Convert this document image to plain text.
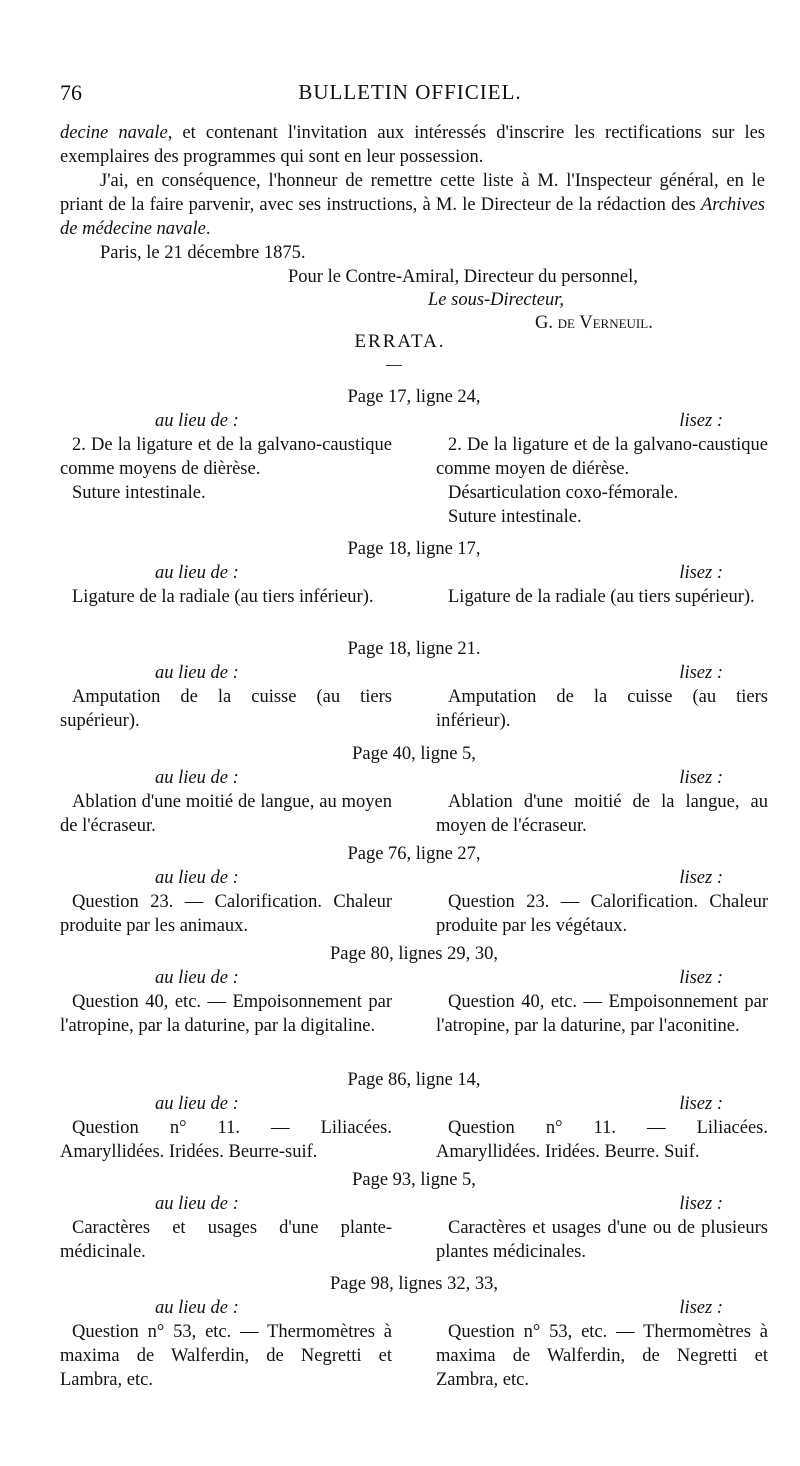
76	BULLETIN OFFICIEL.

decine navale, et contenant l'invitation aux intéressés d'inscrire les rectifications sur les exemplaires des programmes qui sont en leur possession.

J'ai, en conséquence, l'honneur de remettre cette liste à M. l'Inspecteur général, en le priant de la faire parvenir, avec ses instructions, à M. le Directeur de la rédaction des Archives de médecine navale.

Paris, le 21 décembre 1875.

Pour le Contre-Amiral, Directeur du personnel,
Le sous-Directeur,
G. de Verneuil.
ERRATA.
Page 17, ligne 24,

au lieu de :

2. De la ligature et de la galvano-caustique comme moyens de dièrèse.

Suture intestinale.

lisez :

2. De la ligature et de la galvano-caustique comme moyen de diérèse.

Désarticulation coxo-fémorale.

Suture intestinale.

Page 18, ligne 17,

au lieu de :

Ligature de la radiale (au tiers inférieur).

lisez :

Ligature de la radiale (au tiers supérieur).

Page 18, ligne 21.

au lieu de :

Amputation de la cuisse (au tiers supérieur).

lisez :

Amputation de la cuisse (au tiers inférieur).

Page 40, ligne 5,

au lieu de :

Ablation d'une moitié de langue, au moyen de l'écraseur.

lisez :

Ablation d'une moitié de la langue, au moyen de l'écraseur.

Page 76, ligne 27,

au lieu de :

Question 23. — Calorification. Chaleur produite par les animaux.

lisez :

Question 23. — Calorification. Chaleur produite par les végétaux.

Page 80, lignes 29, 30,

au lieu de :

Question 40, etc. — Empoisonnement par l'atropine, par la daturine, par la digitaline.

lisez :

Question 40, etc. — Empoisonnement par l'atropine, par la daturine, par l'aconitine.

Page 86, ligne 14,

au lieu de :

Question n° 11. — Liliacées. Amaryllidées. Iridées. Beurre-suif.

lisez :

Question n° 11. — Liliacées. Amaryllidées. Iridées. Beurre. Suif.

Page 93, ligne 5,

au lieu de :

Caractères et usages d'une plante-médicinale.

lisez :

Caractères et usages d'une ou de plusieurs plantes médicinales.

Page 98, lignes 32, 33,

au lieu de :

Question n° 53, etc. — Thermomètres à maxima de Walferdin, de Negretti et Lambra, etc.

lisez :

Question n° 53, etc. — Thermomètres à maxima de Walferdin, de Negretti et Zambra, etc.
